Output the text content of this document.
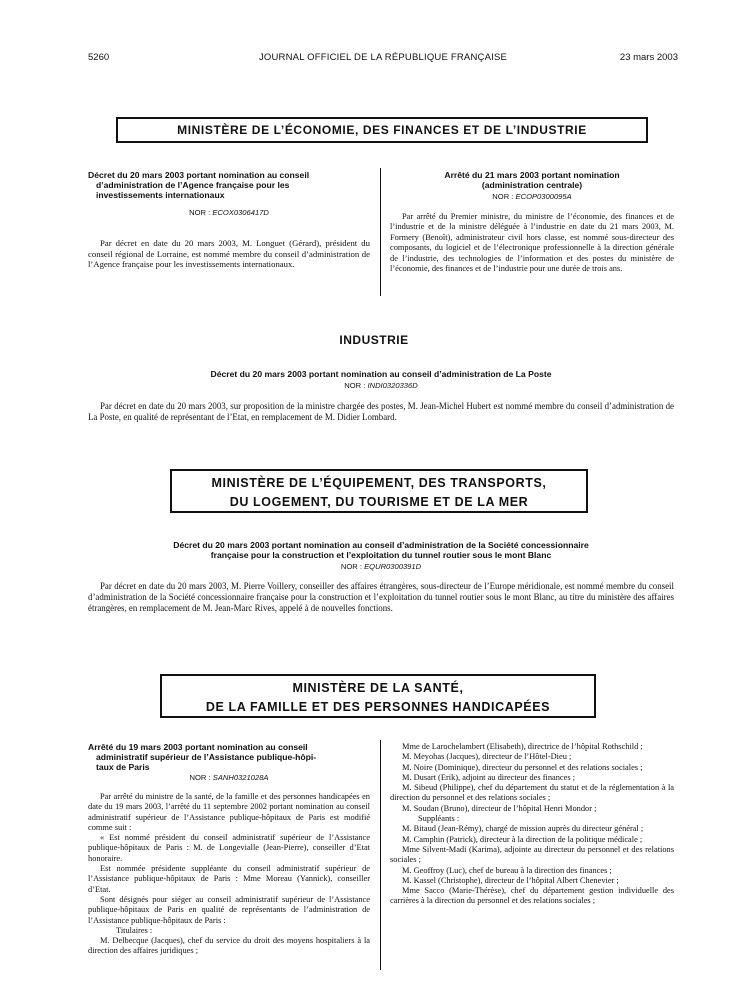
5260	JOURNAL OFFICIEL DE LA RÉPUBLIQUE FRANÇAISE	23 mars 2003
MINISTÈRE DE L’ÉCONOMIE, DES FINANCES ET DE L’INDUSTRIE
Décret du 20 mars 2003 portant nomination au conseil
d’administration de l’Agence française pour les
investissements internationaux
NOR : ECOX0306417D

Par décret en date du 20 mars 2003, M. Longuet (Gérard), président du conseil régional de Lorraine, est nommé membre du conseil d’administration de l’Agence française pour les investissements internationaux.

Arrêté du 21 mars 2003 portant nomination
(administration centrale)
NOR : ECOP0300095A

Par arrêté du Premier ministre, du ministre de l’économie, des finances et de l’industrie et de la ministre déléguée à l’industrie en date du 21 mars 2003, M. Formery (Benoît), administrateur civil hors classe, est nommé sous-directeur des composants, du logiciel et de l’électronique professionnelle à la direction générale de l’industrie, des technologies de l’information et des postes du ministère de l’économie, des finances et de l’industrie pour une durée de trois ans.

INDUSTRIE
Décret du 20 mars 2003 portant nomination au conseil d’administration de La Poste
NOR : INDI0320336D

Par décret en date du 20 mars 2003, sur proposition de la ministre chargée des postes, M. Jean-Michel Hubert est nommé membre du conseil d’administration de La Poste, en qualité de représentant de l’Etat, en remplacement de M. Didier Lombard.

MINISTÈRE DE L’ÉQUIPEMENT, DES TRANSPORTS,
DU LOGEMENT, DU TOURISME ET DE LA MER
Décret du 20 mars 2003 portant nomination au conseil d’administration de la Société concessionnaire
française pour la construction et l’exploitation du tunnel routier sous le mont Blanc
NOR : EQUR0300391D

Par décret en date du 20 mars 2003, M. Pierre Voillery, conseiller des affaires étrangères, sous-directeur de l’Europe méridionale, est nommé membre du conseil d’administration de la Société concessionnaire française pour la construction et l’exploitation du tunnel routier sous le mont Blanc, au titre du ministère des affaires étrangères, en remplacement de M. Jean-Marc Rives, appelé à de nouvelles fonctions.

MINISTÈRE DE LA SANTÉ,
DE LA FAMILLE ET DES PERSONNES HANDICAPÉES
Arrêté du 19 mars 2003 portant nomination au conseil
administratif supérieur de l’Assistance publique-hôpi-
taux de Paris
NOR : SANH0321028A

Par arrêté du ministre de la santé, de la famille et des personnes handicapées en date du 19 mars 2003, l’arrêté du 11 septembre 2002 portant nomination au conseil administratif supérieur de l’Assistance publique-hôpitaux de Paris est modifié comme suit :

« Est nommé président du conseil administratif supérieur de l’Assistance publique-hôpitaux de Paris : M. de Longevialle (Jean-Pierre), conseiller d’Etat honoraire.

Est nommée présidente suppléante du conseil administratif supérieur de l’Assistance publique-hôpitaux de Paris : Mme Moreau (Yannick), conseiller d’Etat.

Sont désignés pour siéger au conseil administratif supérieur de l’Assistance publique-hôpitaux de Paris en qualité de représentants de l’administration de l’Assistance publique-hôpitaux de Paris :

Titulaires :

M. Delbecque (Jacques), chef du service du droit des moyens hospitaliers à la direction des affaires juridiques ;

Mme de Larochelambert (Elisabeth), directrice de l’hôpital Rothschild ;

M. Meyohas (Jacques), directeur de l’Hôtel-Dieu ;

M. Noire (Dominique), directeur du personnel et des relations sociales ;

M. Dusart (Erik), adjoint au directeur des finances ;

M. Sibeud (Philippe), chef du département du statut et de la réglementation à la direction du personnel et des relations sociales ;

M. Soudan (Bruno), directeur de l’hôpital Henri Mondor ;

Suppléants :

M. Bitaud (Jean-Rémy), chargé de mission auprès du directeur général ;

M. Camphin (Patrick), directeur à la direction de la politique médicale ;

Mme Silvent-Madi (Karima), adjointe au directeur du personnel et des relations sociales ;

M. Geoffroy (Luc), chef de bureau à la direction des finances ;

M. Kassel (Christophe), directeur de l’hôpital Albert Chenevier ;

Mme Sacco (Marie-Thérèse), chef du département gestion individuelle des carrières à la direction du personnel et des relations sociales ;
